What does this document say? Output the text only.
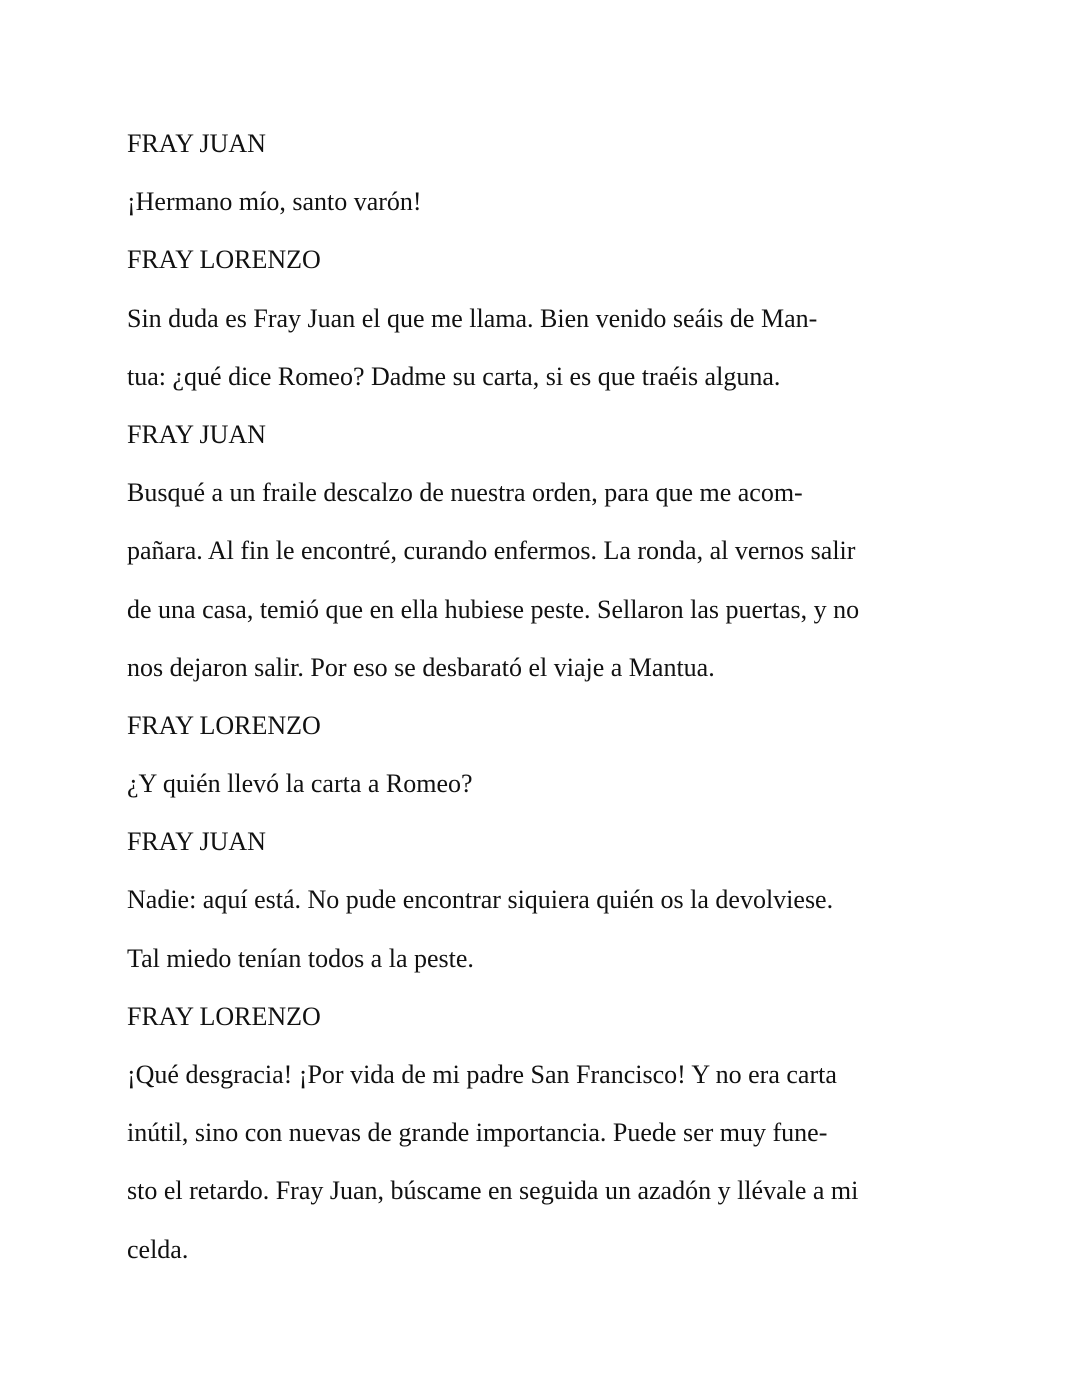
FRAY JUAN
¡Hermano mío, santo varón!
FRAY LORENZO
Sin duda es Fray Juan el que me llama. Bien venido seáis de Man-
tua: ¿qué dice Romeo? Dadme su carta, si es que traéis alguna.
FRAY JUAN
Busqué a un fraile descalzo de nuestra orden, para que me acom-
pañara. Al fin le encontré, curando enfermos. La ronda, al vernos salir
de una casa, temió que en ella hubiese peste. Sellaron las puertas, y no
nos dejaron salir. Por eso se desbarató el viaje a Mantua.
FRAY LORENZO
¿Y quién llevó la carta a Romeo?
FRAY JUAN
Nadie: aquí está. No pude encontrar siquiera quién os la devolviese.
Tal miedo tenían todos a la peste.
FRAY LORENZO
¡Qué desgracia! ¡Por vida de mi padre San Francisco! Y no era carta
inútil, sino con nuevas de grande importancia. Puede ser muy fune-
sto el retardo. Fray Juan, búscame en seguida un azadón y llévale a mi
celda.
